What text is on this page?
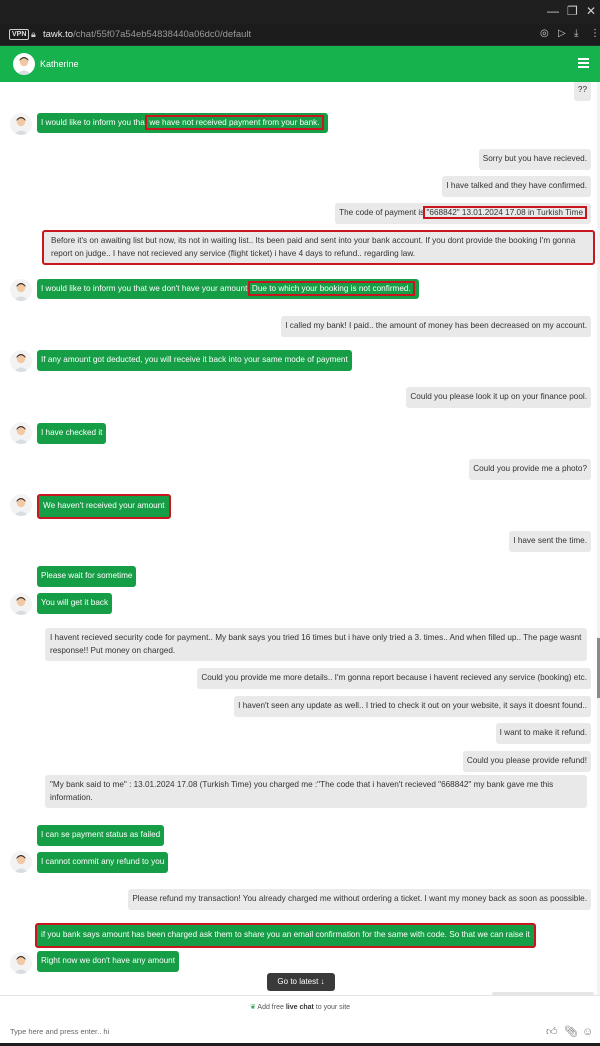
— ❐ ✕
VPN 🔒︎ tawk.to/chat/55f07a54eb54838440a06dc0/default	◎ ▷ ⤓ ⋮
Katherine
??
I would like to inform you that we have not received payment from your bank.
Sorry but you have recieved.
I have talked and they have confirmed.
The code of payment is "668842" 13.01.2024 17.08 in Turkish Time
Before it's on awaiting list but now, its not in waiting list.. Its been paid and sent into your bank account. If you dont provide the booking I'm gonna report on judge.. I have not recieved any service (flight ticket) i have 4 days to refund.. regarding law.
I would like to inform you that we don't have your amount. Due to which your booking is not confirmed.
I called my bank! I paid.. the amount of money has been decreased on my account.
If any amount got deducted, you will receive it back into your same mode of payment
Could you please look it up on your finance pool.
I have checked it
Could you provide me a photo?
We haven't received your amount
I have sent the time.
Please wait for sometime
You will get it back
I havent recieved security code for payment.. My bank says you tried 16 times but i have only tried a 3. times.. And when filled up.. The page wasnt response!! Put money on charged.
Could you provide me more details.. I'm gonna report because i havent recieved any service (booking) etc.
I haven't seen any update as well.. I tried to check it out on your website, it says it doesnt found..
I want to make it refund.
Could you please provide refund!
"My bank said to me" : 13.01.2024 17.08 (Turkish Time) you charged me :"The code that i haven't recieved "668842" my bank gave me this information.
I can se payment status as failed
I cannot commit any refund to you
Please refund my transaction! You already charged me without ordering a ticket. I want my money back as soon as poossible.
if you bank says amount has been charged ask them to share you an email confirmation for the same with code. So that we can raise it
Right now we don't have any amount
Go to latest ↓
❦ Add free live chat to your site
Type here and press enter.. hi	👍︎ 📎︎ ☺
